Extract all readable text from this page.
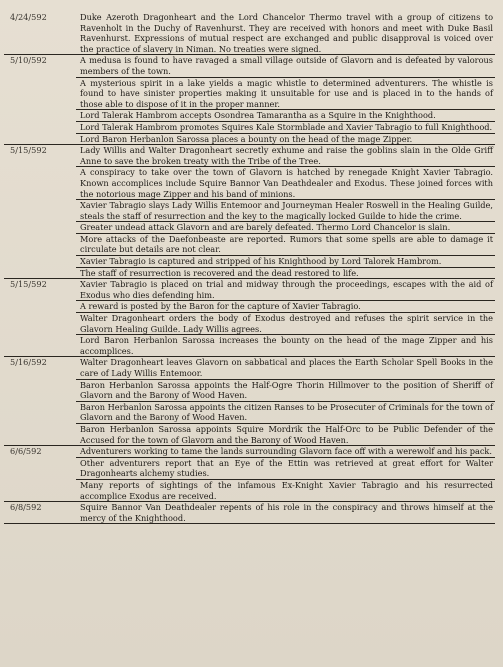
4/24/592	Duke Azeroth Dragonheart and the Lord Chancelor Thermo travel with a group of citizens to Ravenholt in the Duchy of Ravenhurst. They are received with honors and meet with Duke Basil Ravenhurst. Expressions of mutual respect are exchanged and public disapproval is voiced over the practice of slavery in Niman. No treaties were signed.
5/10/592	A medusa is found to have ravaged a small village outside of Glavorn and is defeated by valorous members of the town.
A mysterious spirit in a lake yields a magic whistle to determined adventurers. The whistle is found to have sinister properties making it unsuitable for use and is placed in to the hands of those able to dispose of it in the proper manner.
Lord Talerak Hambrom accepts Osondrea Tamarantha as a Squire in the Knighthood.
Lord Talerak Hambrom promotes Squires Kale Stormblade and Xavier Tabragio to full Knighthood.
Lord Baron Herbanlon Sarossa places a bounty on the head of the mage Zipper.
5/15/592	Lady Willis and Walter Dragonheart secretly exhume and raise the goblins slain in the Olde Griff Anne to save the broken treaty with the Tribe of the Tree.
A conspiracy to take over the town of Glavorn is hatched by renegade Knight Xavier Tabragio. Known accomplices include Squire Bannor Van Deathdealer and Exodus. These joined forces with the notorious mage Zipper and his band of minions.
Xavier Tabragio slays Lady Willis Entemoor and Journeyman Healer Roswell in the Healing Guilde, steals the staff of resurrection and the key to the magically locked Guilde to hide the crime.
Greater undead attack Glavorn and are barely defeated. Thermo Lord Chancelor is slain.
More attacks of the Daefonbeaste are reported. Rumors that some spells are able to damage it circulate but details are not clear.
Xavier Tabragio is captured and stripped of his Knighthood by Lord Talorek Hambrom.
The staff of resurrection is recovered and the dead restored to life.
5/15/592	Xavier Tabragio is placed on trial and midway through the proceedings, escapes with the aid of Exodus who dies defending him.
A reward is posted by the Baron for the capture of Xavier Tabragio.
Walter Dragonheart orders the body of Exodus destroyed and refuses the spirit service in the Glavorn Healing Guilde. Lady Willis agrees.
Lord Baron Herbanlon Sarossa increases the bounty on the head of the mage Zipper and his accomplices.
5/16/592	Walter Dragonheart leaves Glavorn on sabbatical and places the Earth Scholar Spell Books in the care of Lady Willis Entemoor.
Baron Herbanlon Sarossa appoints the Half-Ogre Thorin Hillmover to the position of Sheriff of Glavorn and the Barony of Wood Haven.
Baron Herbanlon Sarossa appoints the citizen Ranses to be Prosecuter of Criminals for the town of Glavorn and the Barony of Wood Haven.
Baron Herbanlon Sarossa appoints Squire Mordrik the Half-Orc to be Public Defender of the Accused for the town of Glavorn and the Barony of Wood Haven.
6/6/592	Adventurers working to tame the lands surrounding Glavorn face off with a werewolf and his pack.
Other adventurers report that an Eye of the Ettin was retrieved at great effort for Walter Dragonhearts alchemy studies.
Many reports of sightings of the infamous Ex-Knight Xavier Tabragio and his resurrected accomplice Exodus are received.
6/8/592	Squire Bannor Van Deathdealer repents of his role in the conspiracy and throws himself at the mercy of the Knighthood.
